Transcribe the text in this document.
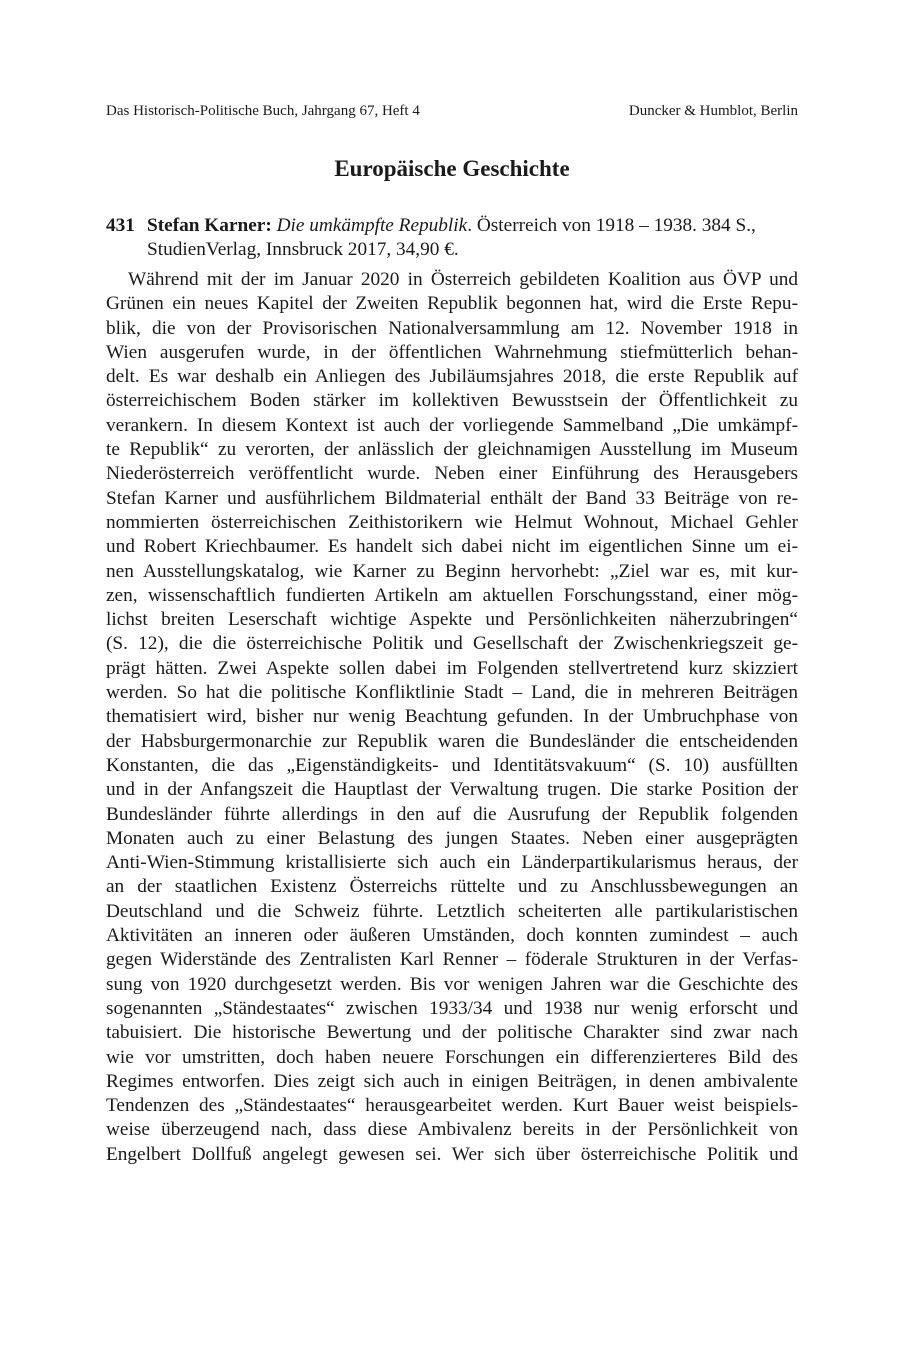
Das Historisch-Politische Buch, Jahrgang 67, Heft 4	Duncker & Humblot, Berlin
Europäische Geschichte
431 Stefan Karner: Die umkämpfte Republik. Österreich von 1918 – 1938. 384 S.,
StudienVerlag, Innsbruck 2017, 34,90 €.
Während mit der im Januar 2020 in Österreich gebildeten Koalition aus ÖVP und
Grünen ein neues Kapitel der Zweiten Republik begonnen hat, wird die Erste Repu-
blik, die von der Provisorischen Nationalversammlung am 12. November 1918 in
Wien ausgerufen wurde, in der öffentlichen Wahrnehmung stiefmütterlich behan-
delt. Es war deshalb ein Anliegen des Jubiläumsjahres 2018, die erste Republik auf
österreichischem Boden stärker im kollektiven Bewusstsein der Öffentlichkeit zu
verankern. In diesem Kontext ist auch der vorliegende Sammelband „Die umkämpf-
te Republik“ zu verorten, der anlässlich der gleichnamigen Ausstellung im Museum
Niederösterreich veröffentlicht wurde. Neben einer Einführung des Herausgebers
Stefan Karner und ausführlichem Bildmaterial enthält der Band 33 Beiträge von re-
nommierten österreichischen Zeithistorikern wie Helmut Wohnout, Michael Gehler
und Robert Kriechbaumer. Es handelt sich dabei nicht im eigentlichen Sinne um ei-
nen Ausstellungskatalog, wie Karner zu Beginn hervorhebt: „Ziel war es, mit kur-
zen, wissenschaftlich fundierten Artikeln am aktuellen Forschungsstand, einer mög-
lichst breiten Leserschaft wichtige Aspekte und Persönlichkeiten näherzubringen“
(S. 12), die die österreichische Politik und Gesellschaft der Zwischenkriegszeit ge-
prägt hätten. Zwei Aspekte sollen dabei im Folgenden stellvertretend kurz skizziert
werden. So hat die politische Konfliktlinie Stadt – Land, die in mehreren Beiträgen
thematisiert wird, bisher nur wenig Beachtung gefunden. In der Umbruchphase von
der Habsburgermonarchie zur Republik waren die Bundesländer die entscheidenden
Konstanten, die das „Eigenständigkeits- und Identitätsvakuum“ (S. 10) ausfüllten
und in der Anfangszeit die Hauptlast der Verwaltung trugen. Die starke Position der
Bundesländer führte allerdings in den auf die Ausrufung der Republik folgenden
Monaten auch zu einer Belastung des jungen Staates. Neben einer ausgeprägten
Anti-Wien-Stimmung kristallisierte sich auch ein Länderpartikularismus heraus, der
an der staatlichen Existenz Österreichs rüttelte und zu Anschlussbewegungen an
Deutschland und die Schweiz führte. Letztlich scheiterten alle partikularistischen
Aktivitäten an inneren oder äußeren Umständen, doch konnten zumindest – auch
gegen Widerstände des Zentralisten Karl Renner – föderale Strukturen in der Verfas-
sung von 1920 durchgesetzt werden. Bis vor wenigen Jahren war die Geschichte des
sogenannten „Ständestaates“ zwischen 1933/34 und 1938 nur wenig erforscht und
tabuisiert. Die historische Bewertung und der politische Charakter sind zwar nach
wie vor umstritten, doch haben neuere Forschungen ein differenzierteres Bild des
Regimes entworfen. Dies zeigt sich auch in einigen Beiträgen, in denen ambivalente
Tendenzen des „Ständestaates“ herausgearbeitet werden. Kurt Bauer weist beispiels-
weise überzeugend nach, dass diese Ambivalenz bereits in der Persönlichkeit von
Engelbert Dollfuß angelegt gewesen sei. Wer sich über österreichische Politik und
